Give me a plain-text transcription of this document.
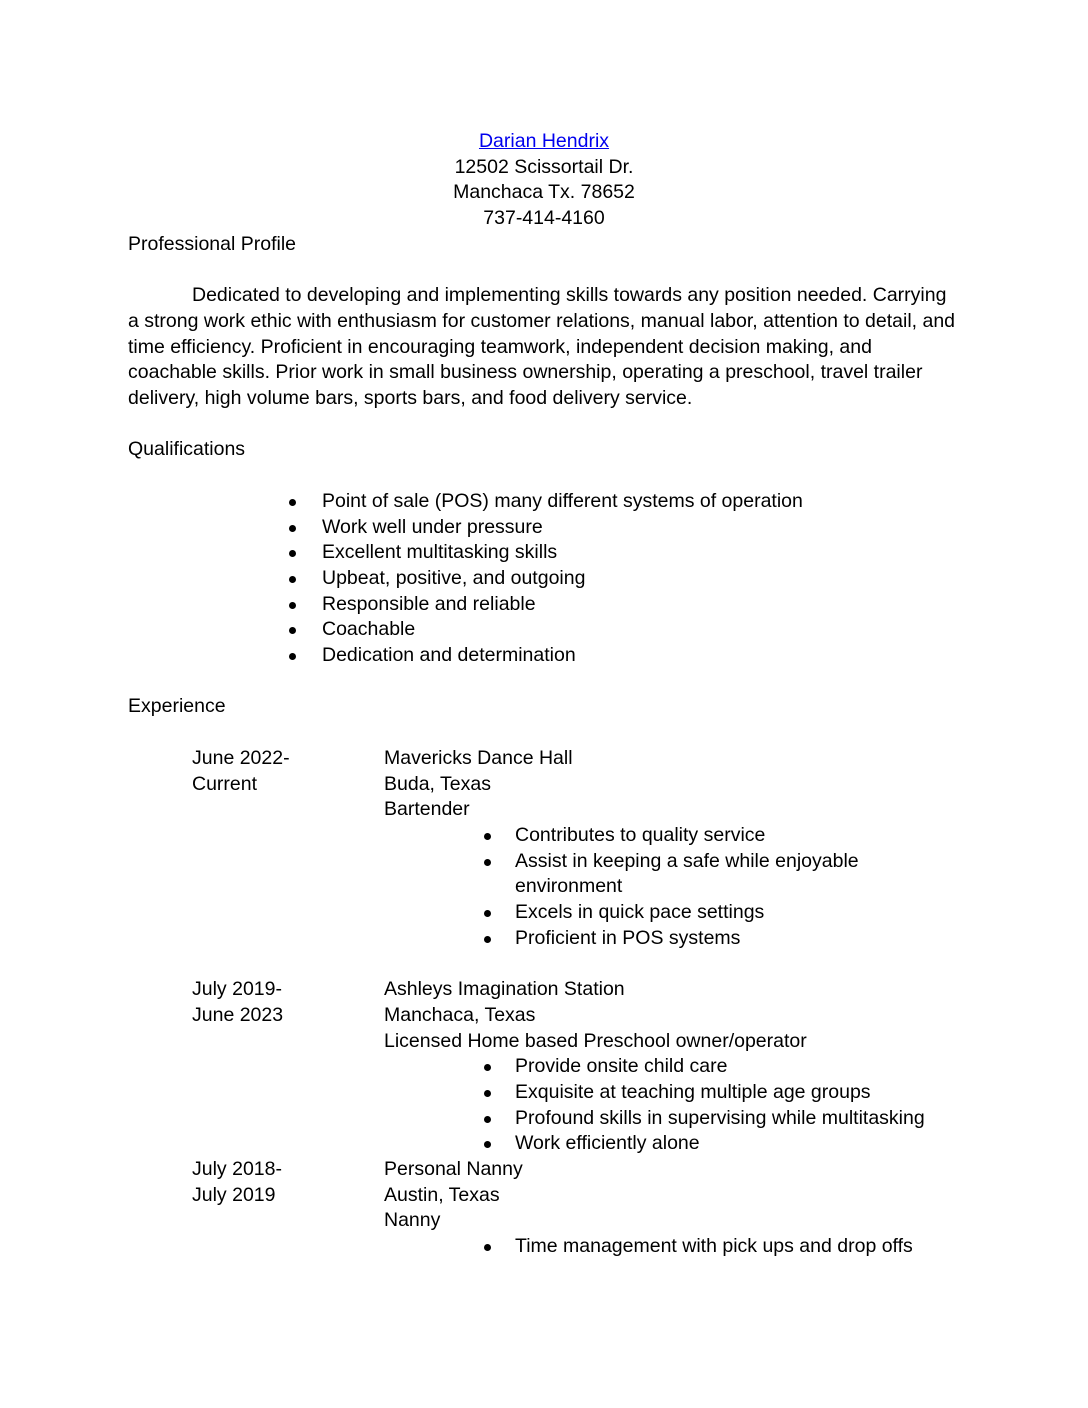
Darian Hendrix
12502 Scissortail Dr.
Manchaca Tx. 78652
737-414-4160
Professional Profile

Dedicated to developing and implementing skills towards any position needed. Carrying a strong work ethic with enthusiasm for customer relations, manual labor, attention to detail, and time efficiency. Proficient in encouraging teamwork, independent decision making, and coachable skills. Prior work in small business ownership, operating a preschool, travel trailer delivery, high volume bars, sports bars, and food delivery service.

Qualifications
Point of sale (POS) many different systems of operation
Work well under pressure
Excellent multitasking skills
Upbeat, positive, and outgoing
Responsible and reliable
Coachable
Dedication and determination
Experience
June 2022-
Current
Mavericks Dance Hall
Buda, Texas
Bartender
Contributes to quality service
Assist in keeping a safe while enjoyable environment
Excels in quick pace settings
Proficient in POS systems
July 2019-
June 2023
Ashleys Imagination Station
Manchaca, Texas
Licensed Home based Preschool owner/operator
Provide onsite child care
Exquisite at teaching multiple age groups
Profound skills in supervising while multitasking
Work efficiently alone
July 2018-
July 2019
Personal Nanny
Austin, Texas
Nanny
Time management with pick ups and drop offs
